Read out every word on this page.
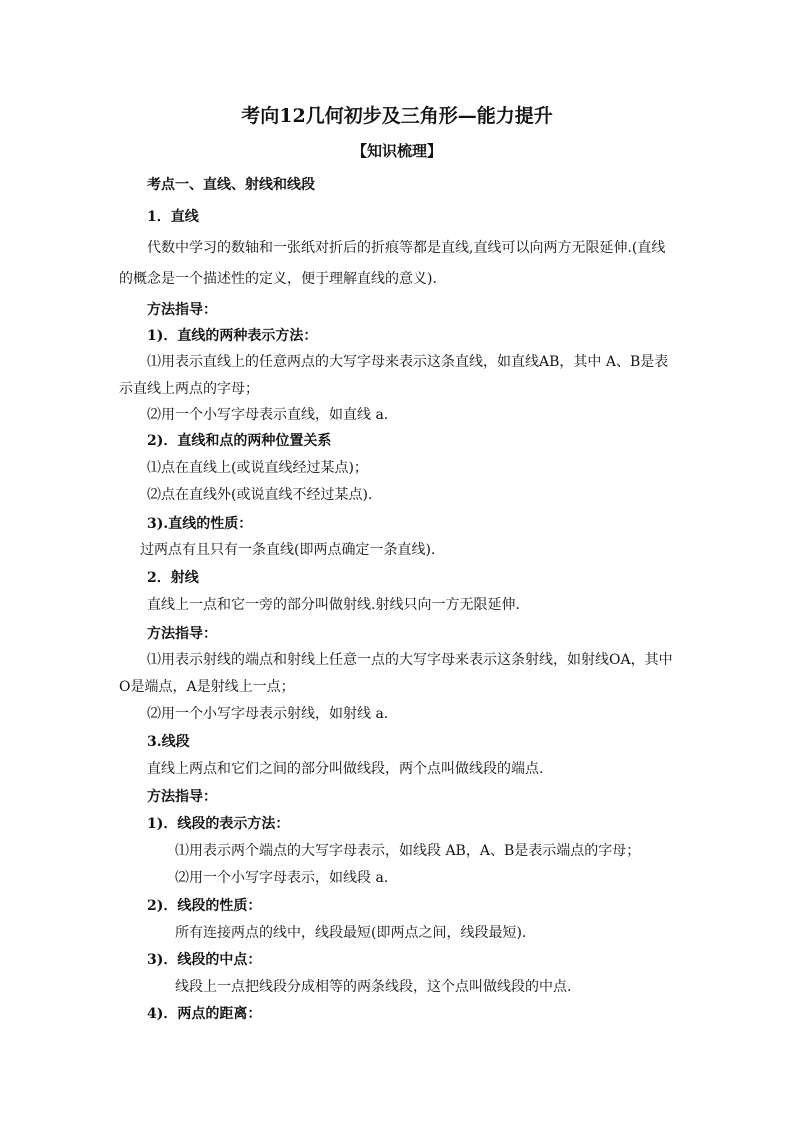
考向12几何初步及三角形—能力提升
【知识梳理】
考点一、直线、射线和线段
1．直线
代数中学习的数轴和一张纸对折后的折痕等都是直线,直线可以向两方无限延伸.(直线
的概念是一个描述性的定义，便于理解直线的意义).
方法指导：
1)．直线的两种表示方法：
⑴用表示直线上的任意两点的大写字母来表示这条直线，如直线AB，其中 A、B是表
示直线上两点的字母；
⑵用一个小写字母表示直线，如直线 a.
2)．直线和点的两种位置关系
⑴点在直线上(或说直线经过某点)；
⑵点在直线外(或说直线不经过某点).
3).直线的性质：
过两点有且只有一条直线(即两点确定一条直线).
2．射线
直线上一点和它一旁的部分叫做射线.射线只向一方无限延伸.
方法指导：
⑴用表示射线的端点和射线上任意一点的大写字母来表示这条射线，如射线OA，其中
O是端点，A是射线上一点；
⑵用一个小写字母表示射线，如射线 a.
3.线段
直线上两点和它们之间的部分叫做线段，两个点叫做线段的端点.
方法指导：
1)．线段的表示方法：
⑴用表示两个端点的大写字母表示，如线段 AB，A、B是表示端点的字母；
⑵用一个小写字母表示，如线段 a.
2)．线段的性质：
所有连接两点的线中，线段最短(即两点之间，线段最短).
3)．线段的中点：
线段上一点把线段分成相等的两条线段，这个点叫做线段的中点.
4)．两点的距离：
